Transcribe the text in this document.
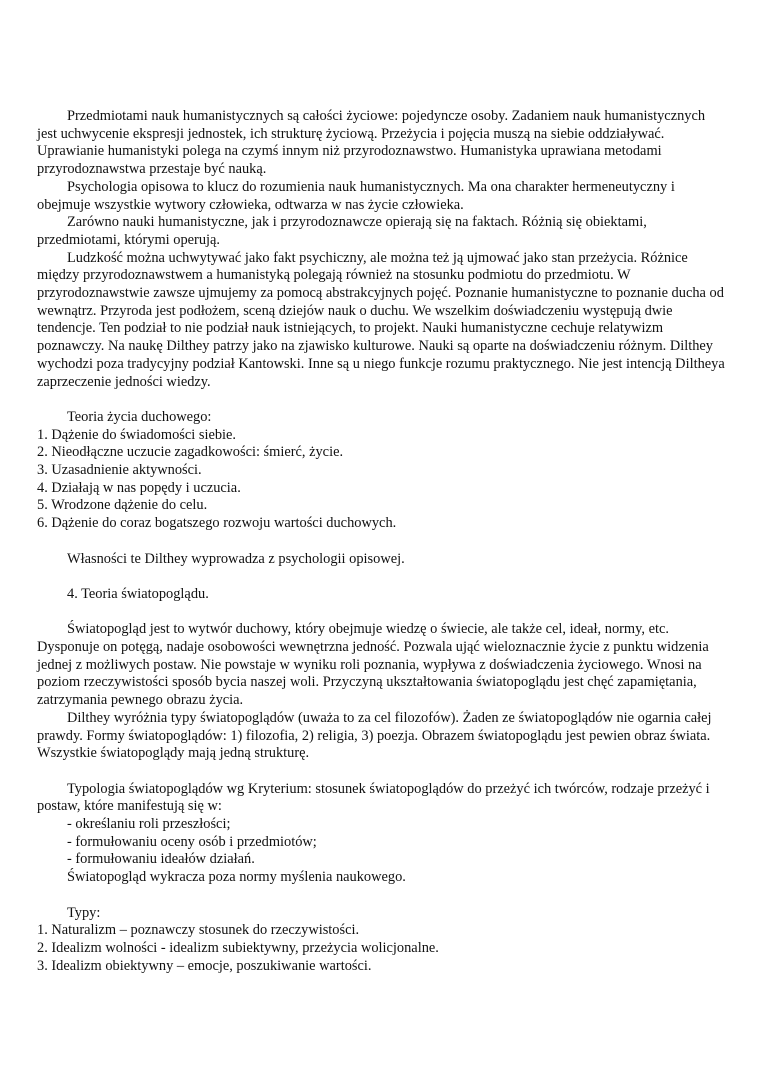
Przedmiotami nauk humanistycznych są całości życiowe: pojedyncze osoby. Zadaniem nauk humanistycznych jest uchwycenie ekspresji jednostek, ich strukturę życiową. Przeżycia i pojęcia muszą na siebie oddziaływać. Uprawianie humanistyki polega na czymś innym niż przyrodoznawstwo. Humanistyka uprawiana metodami przyrodoznawstwa przestaje być nauką.

Psychologia opisowa to klucz do rozumienia nauk humanistycznych. Ma ona charakter hermeneutyczny i obejmuje wszystkie wytwory człowieka, odtwarza w nas życie człowieka.

Zarówno nauki humanistyczne, jak i przyrodoznawcze opierają się na faktach. Różnią się obiektami, przedmiotami, którymi operują.

Ludzkość można uchwytywać jako fakt psychiczny, ale można też ją ujmować jako stan przeżycia. Różnice między przyrodoznawstwem a humanistyką polegają również na stosunku podmiotu do przedmiotu. W przyrodoznawstwie zawsze ujmujemy za pomocą abstrakcyjnych pojęć. Poznanie humanistyczne to poznanie ducha od wewnątrz. Przyroda jest podłożem, sceną dziejów nauk o duchu. We wszelkim doświadczeniu występują dwie tendencje. Ten podział to nie podział nauk istniejących, to projekt. Nauki humanistyczne cechuje relatywizm poznawczy. Na naukę Dilthey patrzy jako na zjawisko kulturowe. Nauki są oparte na doświadczeniu różnym. Dilthey wychodzi poza tradycyjny podział Kantowski. Inne są u niego funkcje rozumu praktycznego. Nie jest intencją Diltheya zaprzeczenie jedności wiedzy.

Teoria życia duchowego:

1. Dążenie do świadomości siebie.

2. Nieodłączne uczucie zagadkowości: śmierć, życie.

3. Uzasadnienie aktywności.

4. Działają w nas popędy i uczucia.

5. Wrodzone dążenie do celu.

6. Dążenie do coraz bogatszego rozwoju wartości duchowych.

Własności te Dilthey wyprowadza z psychologii opisowej.

4. Teoria światopoglądu.

Światopogląd jest to wytwór duchowy, który obejmuje wiedzę o świecie, ale także cel, ideał, normy, etc. Dysponuje on potęgą, nadaje osobowości wewnętrzna jedność. Pozwala ująć wieloznacznie życie z punktu widzenia jednej z możliwych postaw. Nie powstaje w wyniku roli poznania, wypływa z doświadczenia życiowego. Wnosi na poziom rzeczywistości sposób bycia naszej woli. Przyczyną ukształtowania światopoglądu jest chęć zapamiętania, zatrzymania pewnego obrazu życia.

Dilthey wyróżnia typy światopoglądów (uważa to za cel filozofów). Żaden ze światopoglądów nie ogarnia całej prawdy. Formy światopoglądów: 1) filozofia, 2) religia, 3) poezja. Obrazem światopoglądu jest pewien obraz świata. Wszystkie światopoglądy mają jedną strukturę.

Typologia światopoglądów wg Kryterium: stosunek światopoglądów do przeżyć ich twórców, rodzaje przeżyć i postaw, które manifestują się w:

- określaniu roli przeszłości;

- formułowaniu oceny osób i przedmiotów;

- formułowaniu ideałów działań.

Światopogląd wykracza poza normy myślenia naukowego.

Typy:

1. Naturalizm – poznawczy stosunek do rzeczywistości.

2. Idealizm wolności - idealizm subiektywny, przeżycia wolicjonalne.

3. Idealizm obiektywny – emocje, poszukiwanie wartości.
